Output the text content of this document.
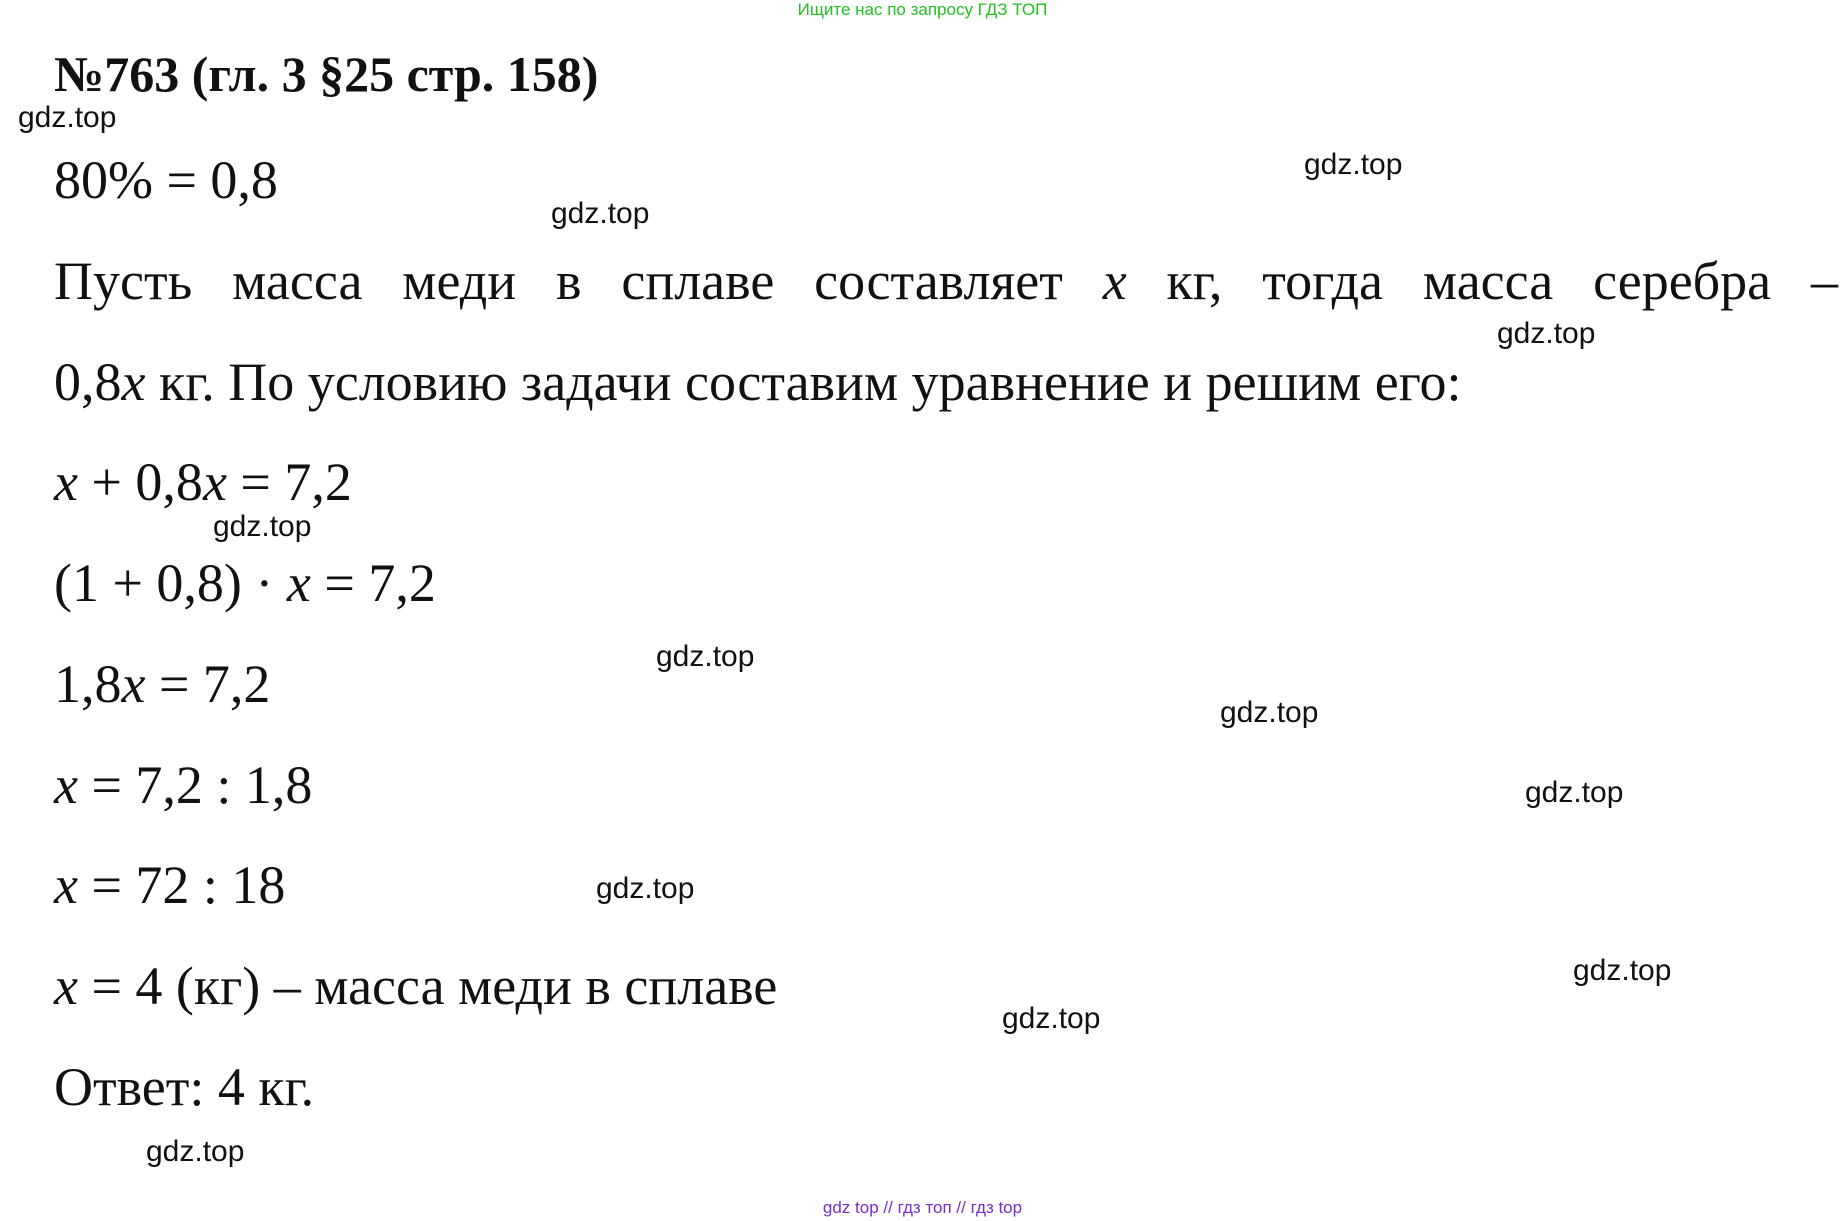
Ищите нас по запросу ГДЗ ТОП
№763 (гл. 3 §25 стр. 158)
80% = 0,8
Пусть масса меди в сплаве составляет x кг, тогда масса серебра –
0,8x кг. По условию задачи составим уравнение и решим его:
x + 0,8x = 7,2
(1 + 0,8) · x = 7,2
1,8x = 7,2
x = 7,2 : 1,8
x = 72 : 18
x = 4 (кг) – масса меди в сплаве
Ответ: 4 кг.
gdz.top
gdz.top
gdz.top
gdz.top
gdz.top
gdz.top
gdz.top
gdz.top
gdz.top
gdz.top
gdz.top
gdz.top
gdz top // гдз топ // гдз top
